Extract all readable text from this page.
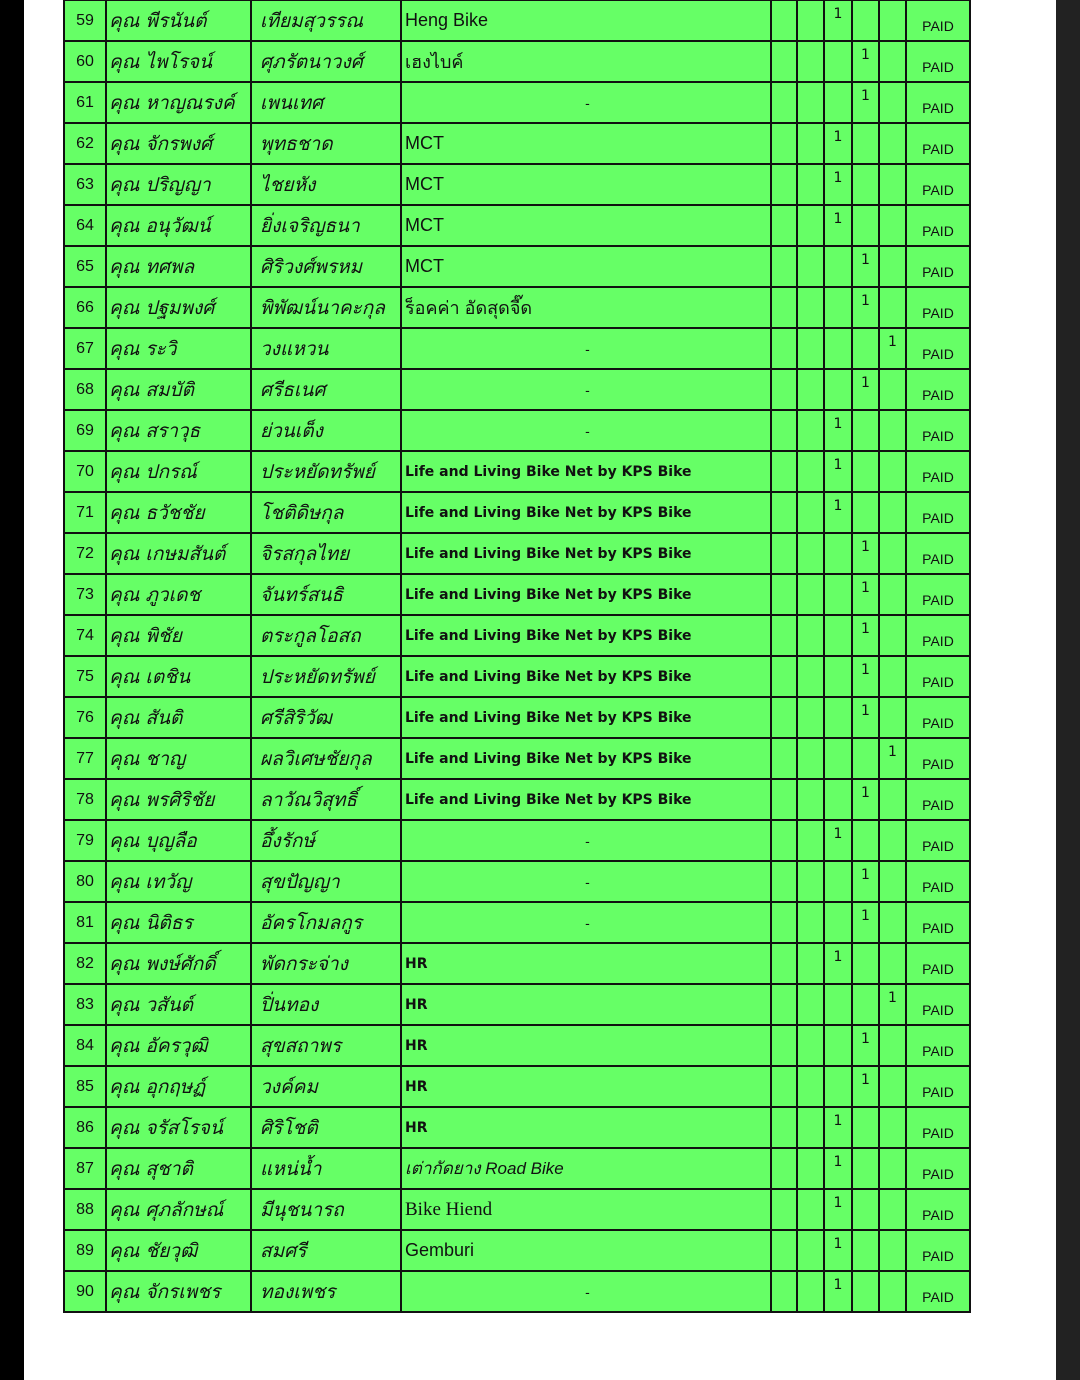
59	คุณ พีรนันต์	เทียมสุวรรณ	Heng Bike			1			PAID
60	คุณ ไพโรจน์	ศุภรัตนาวงศ์	เฮงไบค์				1		PAID
61	คุณ หาญณรงค์	เพนเทศ	-				1		PAID
62	คุณ จักรพงศ์	พุทธชาด	MCT			1			PAID
63	คุณ ปริญญา	ไชยหัง	MCT			1			PAID
64	คุณ อนุวัฒน์	ยิ่งเจริญธนา	MCT			1			PAID
65	คุณ ทศพล	ศิริวงศ์พรหม	MCT				1		PAID
66	คุณ ปฐมพงศ์	พิพัฒน์นาคะกุล	ร็อคค่า อัดสุดจี๊ด				1		PAID
67	คุณ ระวิ	วงแหวน	-					1	PAID
68	คุณ สมบัติ	ศรีธเนศ	-				1		PAID
69	คุณ สราวุธ	ย่วนเต็ง	-			1			PAID
70	คุณ ปกรณ์	ประหยัดทรัพย์	Life and Living Bike Net by KPS Bike			1			PAID
71	คุณ ธวัชชัย	โชติดิษกุล	Life and Living Bike Net by KPS Bike			1			PAID
72	คุณ เกษมสันต์	จิรสกุลไทย	Life and Living Bike Net by KPS Bike				1		PAID
73	คุณ ภูวเดช	จันทร์สนธิ	Life and Living Bike Net by KPS Bike				1		PAID
74	คุณ พิชัย	ตระกูลโอสถ	Life and Living Bike Net by KPS Bike				1		PAID
75	คุณ เตชิน	ประหยัดทรัพย์	Life and Living Bike Net by KPS Bike				1		PAID
76	คุณ สันติ	ศรีสิริวัฒ	Life and Living Bike Net by KPS Bike				1		PAID
77	คุณ ชาญ	ผลวิเศษชัยกุล	Life and Living Bike Net by KPS Bike					1	PAID
78	คุณ พรศิริชัย	ลาวัณวิสุทธิ์	Life and Living Bike Net by KPS Bike				1		PAID
79	คุณ บุญลือ	อึ้งรักษ์	-			1			PAID
80	คุณ เทวัญ	สุขปัญญา	-				1		PAID
81	คุณ นิติธร	อัครโกมลกูร	-				1		PAID
82	คุณ พงษ์ศักดิ์	พัดกระจ่าง	HR			1			PAID
83	คุณ วสันต์	ปิ่นทอง	HR					1	PAID
84	คุณ อัครวุฒิ	สุขสถาพร	HR				1		PAID
85	คุณ อุกฤษฏ์	วงค์คม	HR				1		PAID
86	คุณ จรัสโรจน์	ศิริโชติ	HR			1			PAID
87	คุณ สุชาติ	แหน่น้ำ	เต่ากัดยาง Road Bike			1			PAID
88	คุณ ศุภลักษณ์	มีนุชนารถ	Bike Hiend			1			PAID
89	คุณ ชัยวุฒิ	สมศรี	Gemburi			1			PAID
90	คุณ จักรเพชร	ทองเพชร	-			1			PAID
